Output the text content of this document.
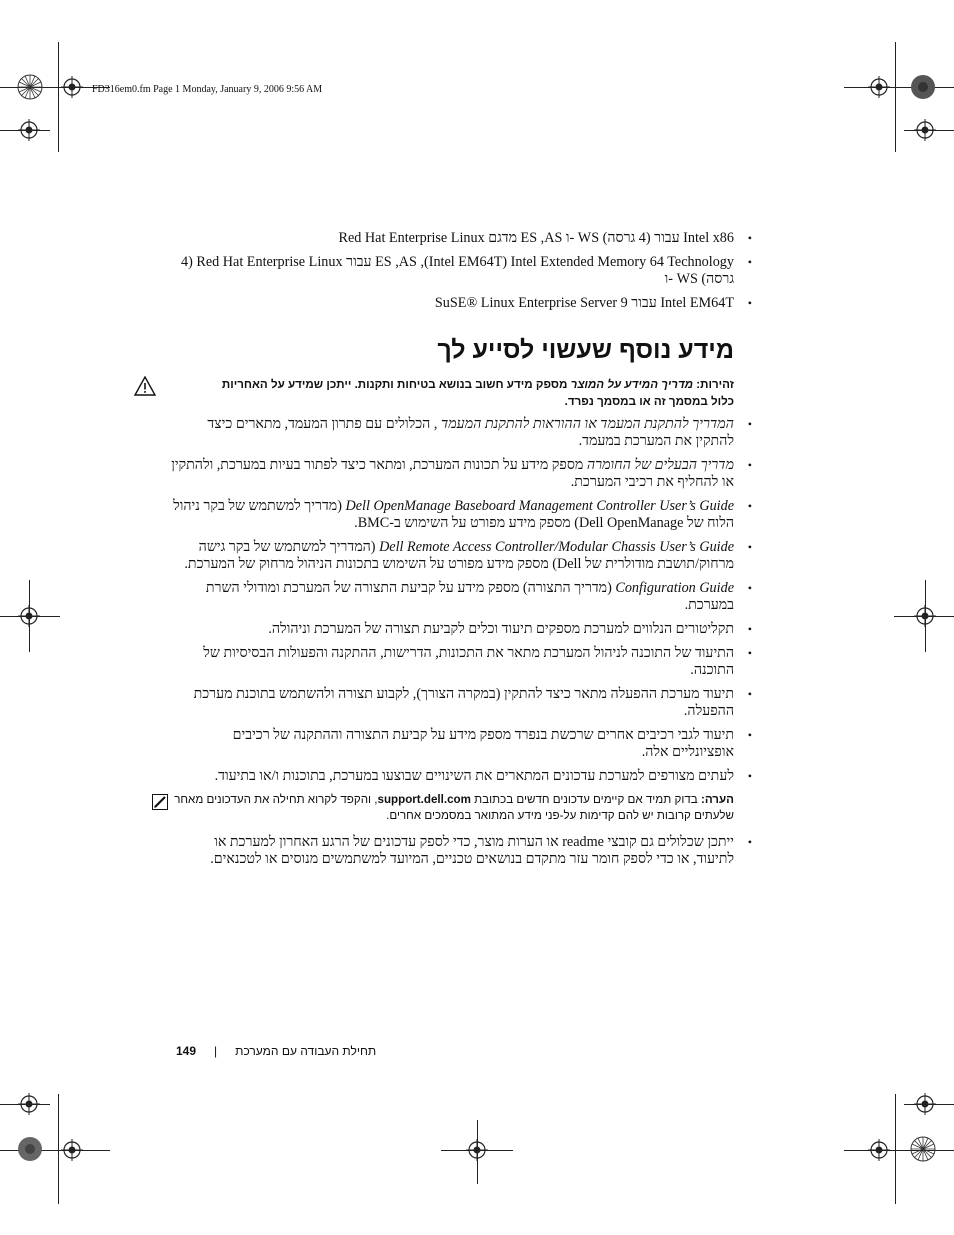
FD316em0.fm Page 1 Monday, January 9, 2006 9:56 AM
•
Intel x86 עבור (4 גרסה) WS -ו ES ,AS מדגם Red Hat Enterprise Linux
•
ES ,AS ,(Intel EM64T) Intel Extended Memory 64 Technology עבור Red Hat Enterprise Linux (4 גרסה) WS -ו
•
Intel EM64T עבור SuSE® Linux Enterprise Server 9
מידע נוסף שעשוי לסייע לך
זהירות: מדריך המידע על המוצר מספק מידע חשוב בנושא בטיחות ותקנות. ייתכן שמידע על האחריות כלול במסמך זה או במסמך נפרד.
•
המדריך להתקנת המעמד או ההוראות להתקנת המעמד , הכלולים עם פתרון המעמד, מתארים כיצד להתקין את המערכת במעמד.
•
מדריך הבעלים של החומרה מספק מידע על תכונות המערכת, ומתאר כיצד לפתור בעיות במערכת, ולהתקין או להחליף את רכיבי המערכת.
•
Dell OpenManage Baseboard Management Controller User’s Guide (מדריך למשתמש של בקר ניהול הלוח של Dell OpenManage) מספק מידע מפורט על השימוש ב-BMC.
•
Dell Remote Access Controller/Modular Chassis User’s Guide (המדריך למשתמש של בקר גישה מרחוק/תושבת מודולרית של Dell) מספק מידע מפורט על השימוש בתכונות הניהול מרחוק של המערכת.
•
Configuration Guide (מדריך התצורה) מספק מידע על קביעת התצורה של המערכת ומודולי השרת במערכת.
•
תקליטורים הנלווים למערכת מספקים תיעוד וכלים לקביעת תצורה של המערכת וניהולה.
•
התיעוד של התוכנה לניהול המערכת מתאר את התכונות, הדרישות, ההתקנה והפעולות הבסיסיות של התוכנה.
•
תיעוד מערכת ההפעלה מתאר כיצד להתקין (במקרה הצורך), לקבוע תצורה ולהשתמש בתוכנת מערכת ההפעלה.
•
תיעוד לגבי רכיבים אחרים שרכשת בנפרד מספק מידע על קביעת התצורה וההתקנה של רכיבים אופציונליים אלה.
•
לעתים מצורפים למערכת עדכונים המתארים את השינויים שבוצעו במערכת, בתוכנות ו/או בתיעוד.
הערה: בדוק תמיד אם קיימים עדכונים חדשים בכתובת support.dell.com, והקפד לקרוא תחילה את העדכונים מאחר שלעתים קרובות יש להם קדימות על-פני מידע המתואר במסמכים אחרים.
•
ייתכן שכלולים גם קובצי readme או הערות מוצר, כדי לספק עדכונים של הרגע האחרון למערכת או לתיעוד, או כדי לספק חומר עזר מתקדם בנושאים טכניים, המיועד למשתמשים מנוסים או לטכנאים.
149 | תחילת העבודה עם המערכת
